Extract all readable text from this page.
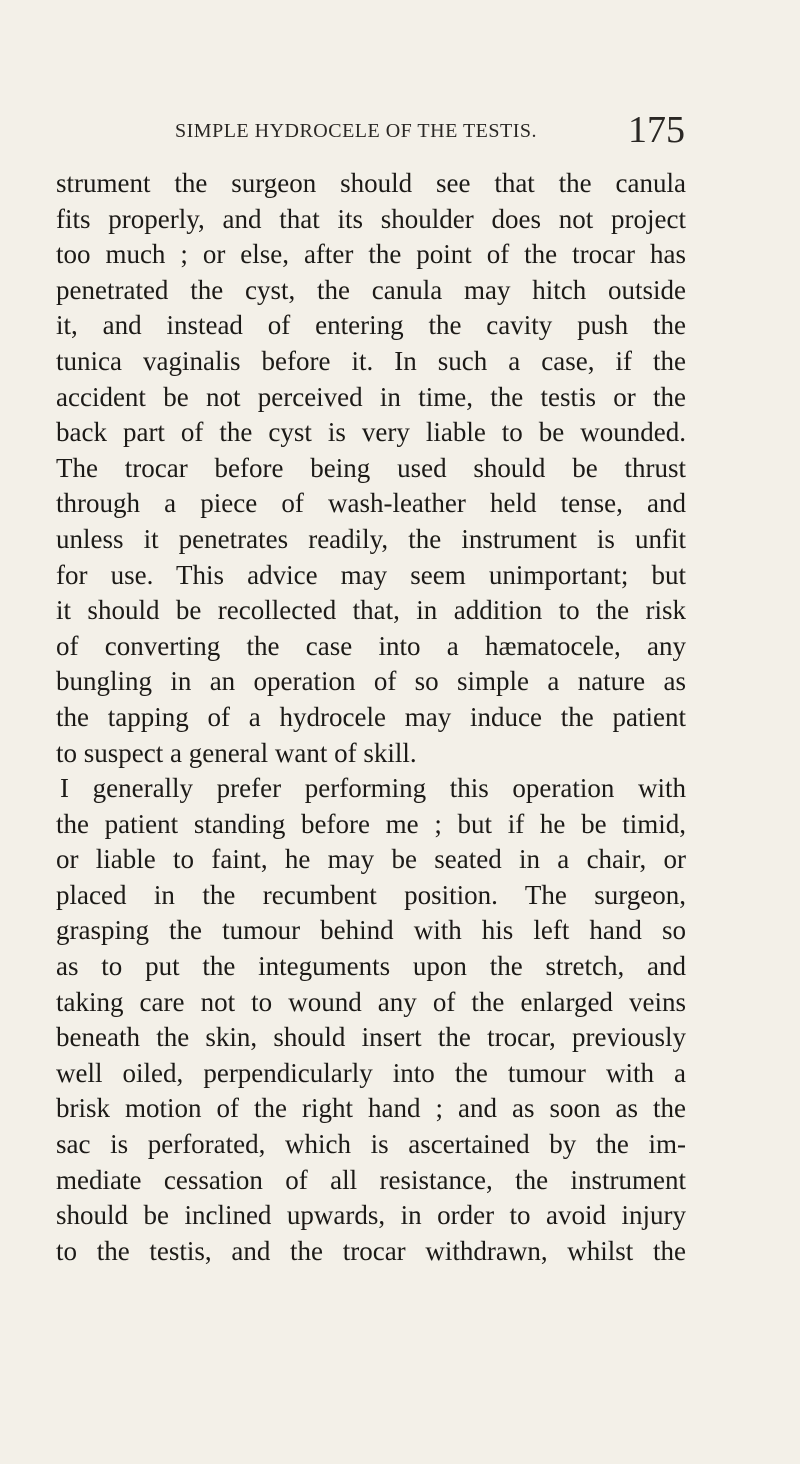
SIMPLE HYDROCELE OF THE TESTIS. 175
strument the surgeon should see that the canula
fits properly, and that its shoulder does not project
too much ; or else, after the point of the trocar has
penetrated the cyst, the canula may hitch outside
it, and instead of entering the cavity push the
tunica vaginalis before it. In such a case, if the
accident be not perceived in time, the testis or the
back part of the cyst is very liable to be wounded.
The trocar before being used should be thrust
through a piece of wash-leather held tense, and
unless it penetrates readily, the instrument is unfit
for use. This advice may seem unimportant; but
it should be recollected that, in addition to the risk
of converting the case into a hæmatocele, any
bungling in an operation of so simple a nature as
the tapping of a hydrocele may induce the patient
to suspect a general want of skill.
I generally prefer performing this operation with
the patient standing before me ; but if he be timid,
or liable to faint, he may be seated in a chair, or
placed in the recumbent position. The surgeon,
grasping the tumour behind with his left hand so
as to put the integuments upon the stretch, and
taking care not to wound any of the enlarged veins
beneath the skin, should insert the trocar, previously
well oiled, perpendicularly into the tumour with a
brisk motion of the right hand ; and as soon as the
sac is perforated, which is ascertained by the im-
mediate cessation of all resistance, the instrument
should be inclined upwards, in order to avoid injury
to the testis, and the trocar withdrawn, whilst the
